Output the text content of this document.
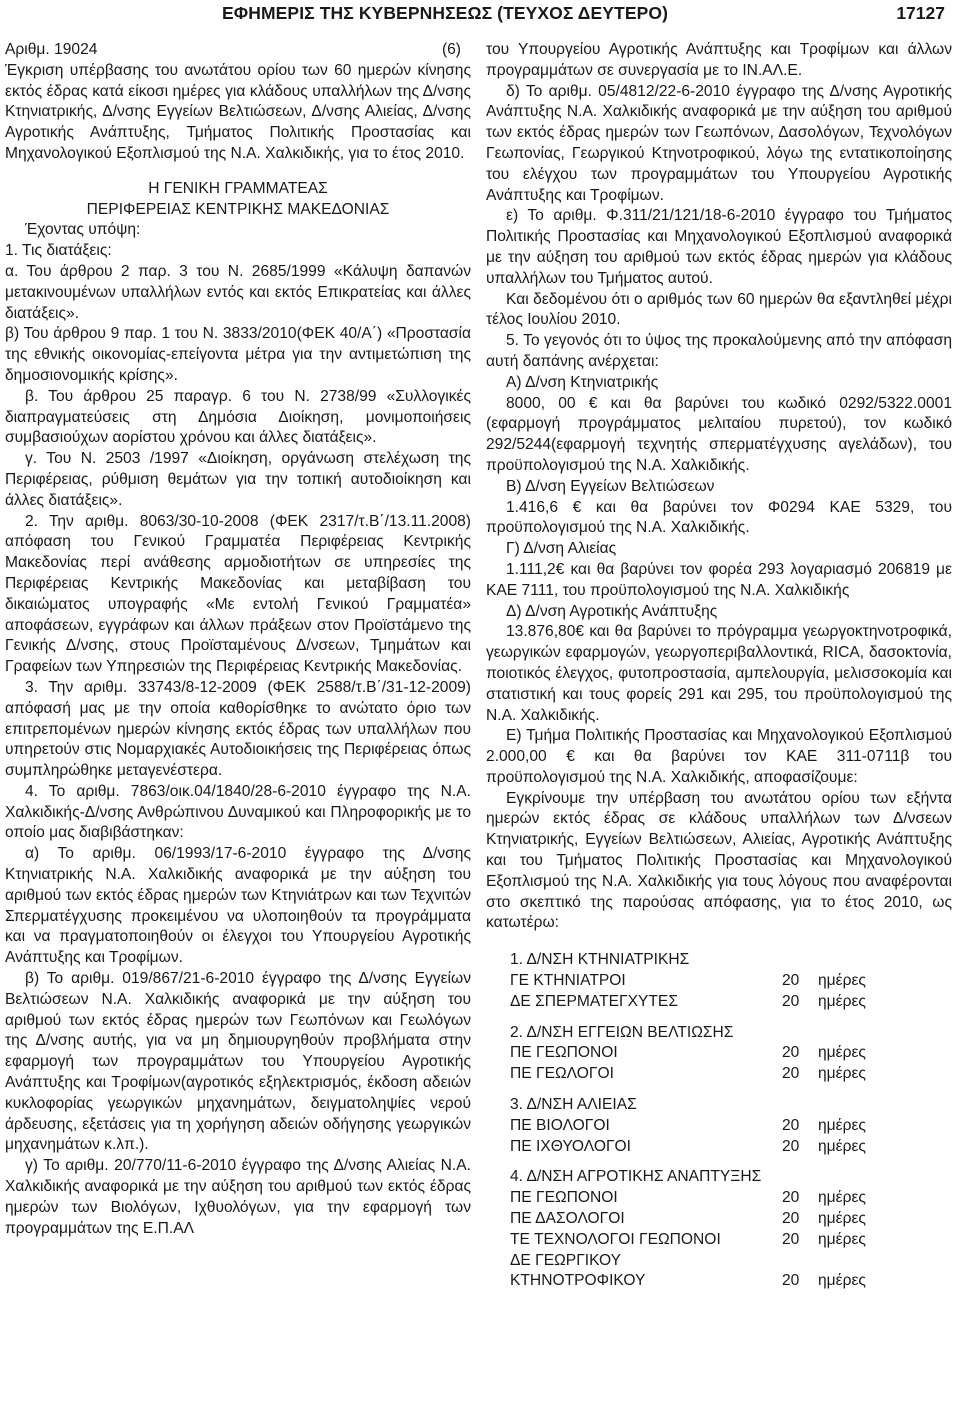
ΕΦΗΜΕΡΙΣ ΤΗΣ ΚΥΒΕΡΝΗΣΕΩΣ (ΤΕΥΧΟΣ ΔΕΥΤΕΡΟ)	17127
Αριθμ. 19024	(6)

Έγκριση υπέρβασης του ανωτάτου ορίου των 60 ημερών κίνησης εκτός έδρας κατά είκοσι ημέρες για κλάδους υπαλλήλων της Δ/νσης Κτηνιατρικής, Δ/νσης Εγγείων Βελτιώσεων, Δ/νσης Αλιείας, Δ/νσης Αγροτικής Ανάπτυξης, Τμήματος Πολιτικής Προστασίας και Μηχανολογικού Εξοπλισμού της Ν.Α. Χαλκιδικής, για το έτος 2010.

Η ΓΕΝΙΚΗ ΓΡΑΜΜΑΤΕΑΣ

ΠΕΡΙΦΕΡΕΙΑΣ ΚΕΝΤΡΙΚΗΣ ΜΑΚΕΔΟΝΙΑΣ

Έχοντας υπόψη:

1. Τις διατάξεις:

α. Του άρθρου 2 παρ. 3 του Ν. 2685/1999 «Κάλυψη δαπανών μετακινουμένων υπαλλήλων εντός και εκτός Επικρατείας και άλλες διατάξεις».

β) Του άρθρου 9 παρ. 1 του Ν. 3833/2010(ΦΕΚ 40/Α΄) «Προστασία της εθνικής οικονομίας-επείγοντα μέτρα για την αντιμετώπιση της δημοσιονομικής κρίσης».

β. Του άρθρου 25 παραγρ. 6 του Ν. 2738/99 «Συλλογικές διαπραγματεύσεις στη Δημόσια Διοίκηση, μονιμοποιήσεις συμβασιούχων αορίστου χρόνου και άλλες διατάξεις».

γ. Του Ν. 2503 /1997 «Διοίκηση, οργάνωση στελέχωση της Περιφέρειας, ρύθμιση θεμάτων για την τοπική αυτοδιοίκηση και άλλες διατάξεις».

2. Την αριθμ. 8063/30-10-2008 (ΦΕΚ 2317/τ.Β΄/13.11.2008) απόφαση του Γενικού Γραμματέα Περιφέρειας Κεντρικής Μακεδονίας περί ανάθεσης αρμοδιοτήτων σε υπηρεσίες της Περιφέρειας Κεντρικής Μακεδονίας και μεταβίβαση του δικαιώματος υπογραφής «Με εντολή Γενικού Γραμματέα» αποφάσεων, εγγράφων και άλλων πράξεων στον Προϊστάμενο της Γενικής Δ/νσης, στους Προϊσταμένους Δ/νσεων, Τμημάτων και Γραφείων των Υπηρεσιών της Περιφέρειας Κεντρικής Μακεδονίας.

3. Την αριθμ. 33743/8-12-2009 (ΦΕΚ 2588/τ.Β΄/31-12-2009) απόφασή μας με την οποία καθορίσθηκε το ανώτατο όριο των επιτρεπομένων ημερών κίνησης εκτός έδρας των υπαλλήλων που υπηρετούν στις Νομαρχιακές Αυτοδιοικήσεις της Περιφέρειας όπως συμπληρώθηκε μεταγενέστερα.

4. Το αριθμ. 7863/οικ.04/1840/28-6-2010 έγγραφο της Ν.Α. Χαλκιδικής-Δ/νσης Ανθρώπινου Δυναμικού και Πληροφορικής με το οποίο μας διαβιβάστηκαν:

α) Το αριθμ. 06/1993/17-6-2010 έγγραφο της Δ/νσης Κτηνιατρικής Ν.Α. Χαλκιδικής αναφορικά με την αύξηση του αριθμού των εκτός έδρας ημερών των Κτηνιάτρων και των Τεχνιτών Σπερματέγχυσης προκειμένου να υλοποιηθούν τα προγράμματα και να πραγματοποιηθούν οι έλεγχοι του Υπουργείου Αγροτικής Ανάπτυξης και Τροφίμων.

β) Το αριθμ. 019/867/21-6-2010 έγγραφο της Δ/νσης Εγγείων Βελτιώσεων Ν.Α. Χαλκιδικής αναφορικά με την αύξηση του αριθμού των εκτός έδρας ημερών των Γεωπόνων και Γεωλόγων της Δ/νσης αυτής, για να μη δημιουργηθούν προβλήματα στην εφαρμογή των προγραμμάτων του Υπουργείου Αγροτικής Ανάπτυξης και Τροφίμων(αγροτικός εξηλεκτρισμός, έκδοση αδειών κυκλοφορίας γεωργικών μηχανημάτων, δειγματοληψίες νερού άρδευσης, εξετάσεις για τη χορήγηση αδειών οδήγησης γεωργικών μηχανημάτων κ.λπ.).

γ) Το αριθμ. 20/770/11-6-2010 έγγραφο της Δ/νσης Αλιείας Ν.Α. Χαλκιδικής αναφορικά με την αύξηση του αριθμού των εκτός έδρας ημερών των Βιολόγων, Ιχθυολόγων, για την εφαρμογή των προγραμμάτων της Ε.Π.ΑΛ

του Υπουργείου Αγροτικής Ανάπτυξης και Τροφίμων και άλλων προγραμμάτων σε συνεργασία με το ΙΝ.ΑΛ.Ε.

δ) Το αριθμ. 05/4812/22-6-2010 έγγραφο της Δ/νσης Αγροτικής Ανάπτυξης Ν.Α. Χαλκιδικής αναφορικά με την αύξηση του αριθμού των εκτός έδρας ημερών των Γεωπόνων, Δασολόγων, Τεχνολόγων Γεωπονίας, Γεωργικού Κτηνοτροφικού, λόγω της εντατικοποίησης του ελέγχου των προγραμμάτων του Υπουργείου Αγροτικής Ανάπτυξης και Τροφίμων.

ε) Το αριθμ. Φ.311/21/121/18-6-2010 έγγραφο του Τμήματος Πολιτικής Προστασίας και Μηχανολογικού Εξοπλισμού αναφορικά με την αύξηση του αριθμού των εκτός έδρας ημερών για κλάδους υπαλλήλων του Τμήματος αυτού.

Και δεδομένου ότι ο αριθμός των 60 ημερών θα εξαντληθεί μέχρι τέλος Ιουλίου 2010.

5. Το γεγονός ότι το ύψος της προκαλούμενης από την απόφαση αυτή δαπάνης ανέρχεται:

Α) Δ/νση Κτηνιατρικής

8000, 00 € και θα βαρύνει του κωδικό 0292/5322.0001 (εφαρμογή προγράμματος μελιταίου πυρετού), τον κωδικό 292/5244(εφαρμογή τεχνητής σπερματέγχυσης αγελάδων), του προϋπολογισμού της Ν.Α. Χαλκιδικής.

Β) Δ/νση Εγγείων Βελτιώσεων

1.416,6 € και θα βαρύνει τον Φ0294 ΚΑΕ 5329, του προϋπολογισμού της Ν.Α. Χαλκιδικής.

Γ) Δ/νση Αλιείας

1.111,2€ και θα βαρύνει τον φορέα 293 λογαριασμό 206819 με ΚΑΕ 7111, του προϋπολογισμού της Ν.Α. Χαλκιδικής

Δ) Δ/νση Αγροτικής Ανάπτυξης

13.876,80€ και θα βαρύνει το πρόγραμμα γεωργοκτηνοτροφικά, γεωργικών εφαρμογών, γεωργοπεριβαλλοντικά, RICA, δασοκτονία, ποιοτικός έλεγχος, φυτοπροστασία, αμπελουργία, μελισσοκομία και στατιστική και τους φορείς 291 και 295, του προϋπολογισμού της Ν.Α. Χαλκιδικής.

Ε) Τμήμα Πολιτικής Προστασίας και Μηχανολογικού Εξοπλισμού 2.000,00 € και θα βαρύνει τον ΚΑΕ 311-0711β του προϋπολογισμού της Ν.Α. Χαλκιδικής, αποφασίζουμε:

Εγκρίνουμε την υπέρβαση του ανωτάτου ορίου των εξήντα ημερών εκτός έδρας σε κλάδους υπαλλήλων των Δ/νσεων Κτηνιατρικής, Εγγείων Βελτιώσεων, Αλιείας, Αγροτικής Ανάπτυξης και του Τμήματος Πολιτικής Προστασίας και Μηχανολογικού Εξοπλισμού της Ν.Α. Χαλκιδικής για τους λόγους που αναφέρονται στο σκεπτικό της παρούσας απόφασης, για το έτος 2010, ως κατωτέρω:

1. Δ/ΝΣΗ ΚΤΗΝΙΑΤΡΙΚΗΣ
ΓΕ ΚΤΗΝΙΑΤΡΟΙ	20	ημέρες
ΔΕ ΣΠΕΡΜΑΤΕΓΧΥΤΕΣ	20	ημέρες
2. Δ/ΝΣΗ ΕΓΓΕΙΩΝ ΒΕΛΤΙΩΣΗΣ
ΠΕ ΓΕΩΠΟΝΟΙ	20	ημέρες
ΠΕ ΓΕΩΛΟΓΟΙ	20	ημέρες
3. Δ/ΝΣΗ ΑΛΙΕΙΑΣ
ΠΕ ΒΙΟΛΟΓΟΙ	20	ημέρες
ΠΕ ΙΧΘΥΟΛΟΓΟΙ	20	ημέρες
4. Δ/ΝΣΗ ΑΓΡΟΤΙΚΗΣ ΑΝΑΠΤΥΞΗΣ
ΠΕ ΓΕΩΠΟΝΟΙ	20	ημέρες
ΠΕ ΔΑΣΟΛΟΓΟΙ	20	ημέρες
ΤΕ ΤΕΧΝΟΛΟΓΟΙ ΓΕΩΠΟΝΟΙ	20	ημέρες
ΔΕ ΓΕΩΡΓΙΚΟΥ
ΚΤΗΝΟΤΡΟΦΙΚΟΥ	20	ημέρες
